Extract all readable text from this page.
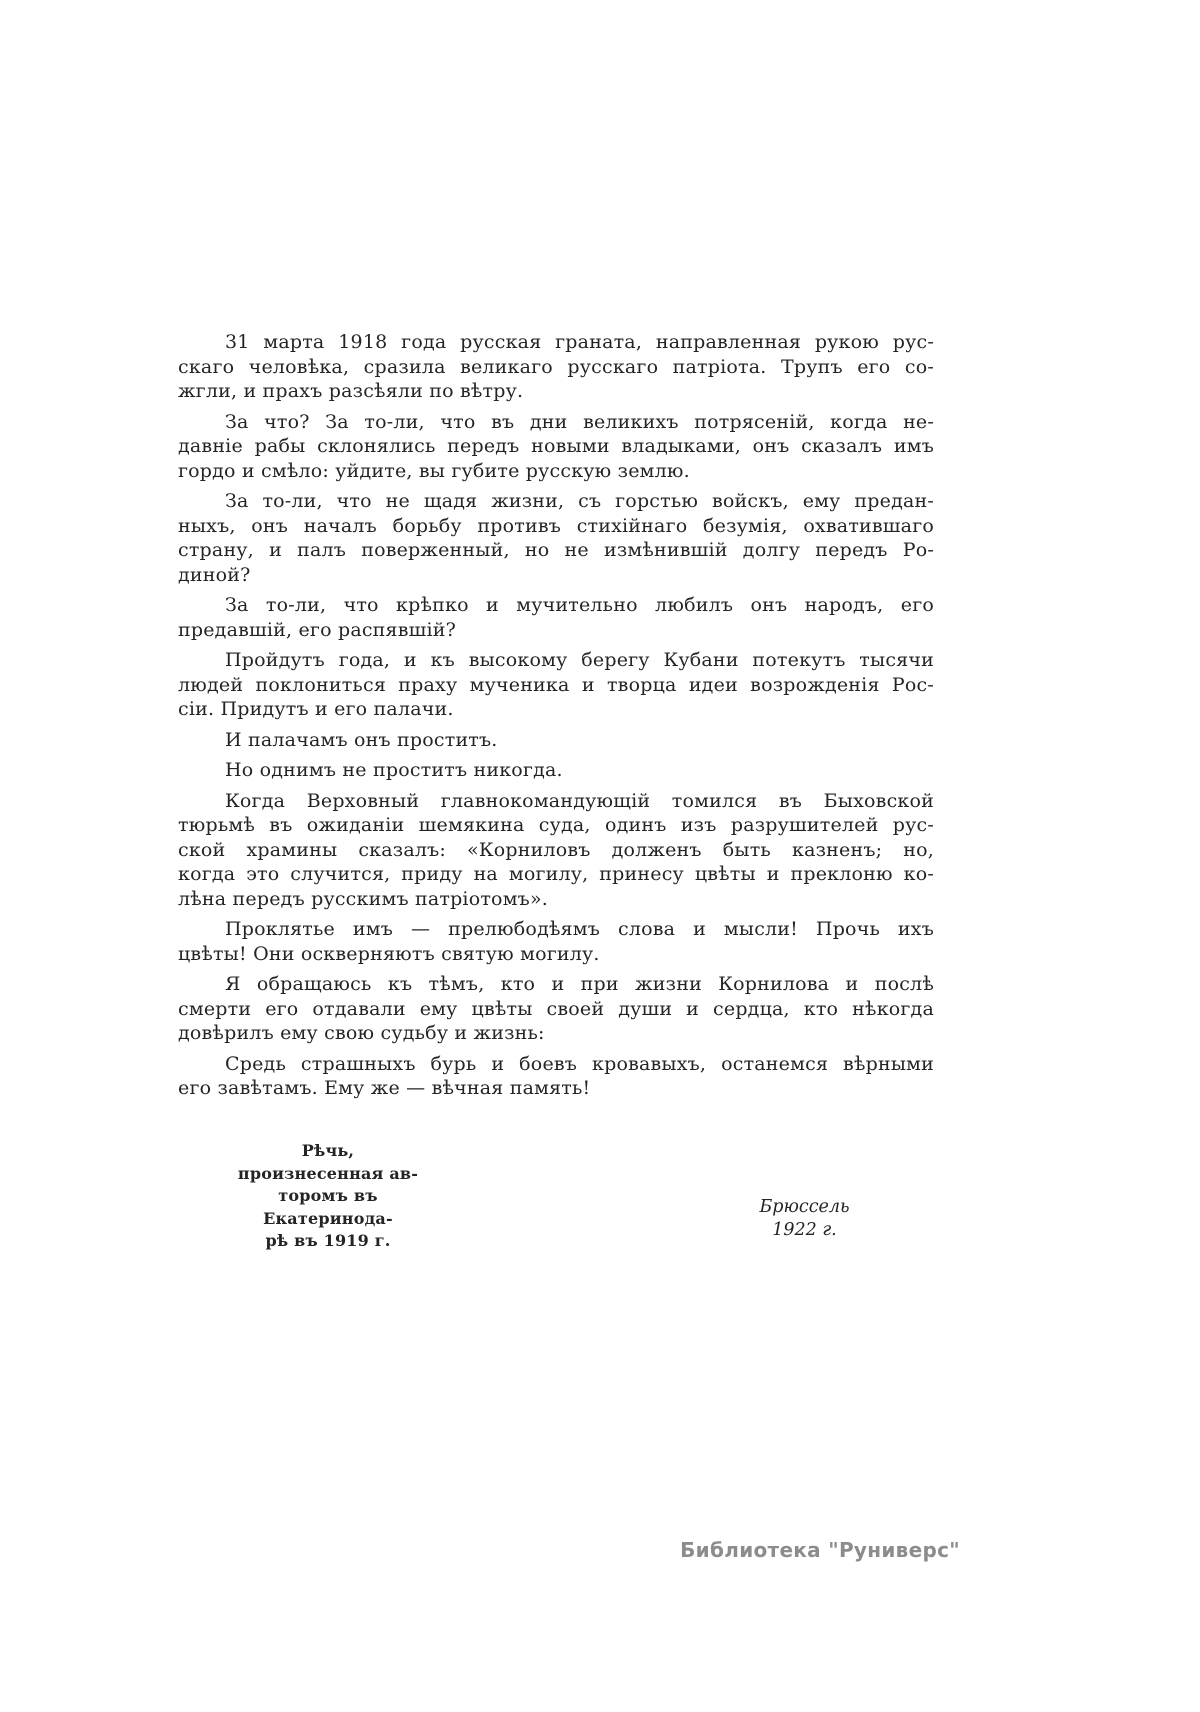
31 марта 1918 года русская граната, направленная рукою рус-
скаго человѣка, сразила великаго русскаго патріота. Трупъ его со-
жгли, и прахъ разсѣяли по вѣтру.

За что? За то-ли, что въ дни великихъ потрясеній, когда не-
давніе рабы склонялись передъ новыми владыками, онъ сказалъ имъ
гордо и смѣло: уйдите, вы губите русскую землю.

За то-ли, что не щадя жизни, съ горстью войскъ, ему предан-
ныхъ, онъ началъ борьбу противъ стихійнаго безумія, охватившаго
страну, и палъ поверженный, но не измѣнившій долгу передъ Ро-
диной?

За то-ли, что крѣпко и мучительно любилъ онъ народъ, его
предавшій, его распявшій?

Пройдутъ года, и къ высокому берегу Кубани потекутъ тысячи
людей поклониться праху мученика и творца идеи возрожденія Рос-
сіи. Придутъ и его палачи.

И палачамъ онъ проститъ.

Но однимъ не проститъ никогда.

Когда Верховный главнокомандующій томился въ Быховской
тюрьмѣ въ ожиданіи шемякина суда, одинъ изъ разрушителей рус-
ской храмины сказалъ: «Корниловъ долженъ быть казненъ; но,
когда это случится, приду на могилу, принесу цвѣты и преклоню ко-
лѣна передъ русскимъ патріотомъ».

Проклятье имъ — прелюбодѣямъ слова и мысли! Прочь ихъ
цвѣты! Они оскверняютъ святую могилу.

Я обращаюсь къ тѣмъ, кто и при жизни Корнилова и послѣ
смерти его отдавали ему цвѣты своей души и сердца, кто нѣкогда
довѣрилъ ему свою судьбу и жизнь:

Средь страшныхъ бурь и боевъ кровавыхъ, останемся вѣрными
его завѣтамъ. Ему же — вѣчная память!

Рѣчь, произнесенная ав-
торомъ въ Екатеринода-
рѣ въ 1919 г.
Брюссель
1922 г.
Библиотека "Руниверс"
